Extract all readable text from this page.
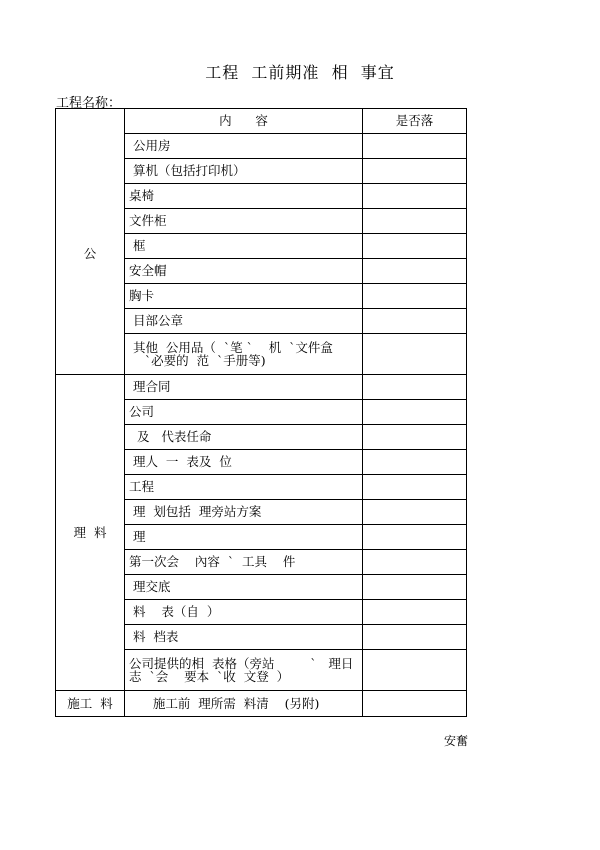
工程  工前期准  相  事宜
工程名称：
	内      容	是否落
公	公用房	
	算机（包括打印机）	
	桌椅	
	文件柜	
	框	
	安全帽	
	胸卡	
	目部公章	
	其他  公用品（  `笔 `    机  `文件盒
`必要的  范  `手册等)	
理  料	理合同	
	公司	
	及   代表任命	
	理人  一  表及  位	
	工程	
	理  划包括  理旁站方案	
	理	
	第一次会    內容  `  工具    件	
	理交底	
	料    表（自  ）	
	料  档表	
	公司提供的相  表格（旁站         `   理日
志  `会    要本  `收  文登  ）	
施工  料	施工前  理所需  料清    (另附)	
安奮
